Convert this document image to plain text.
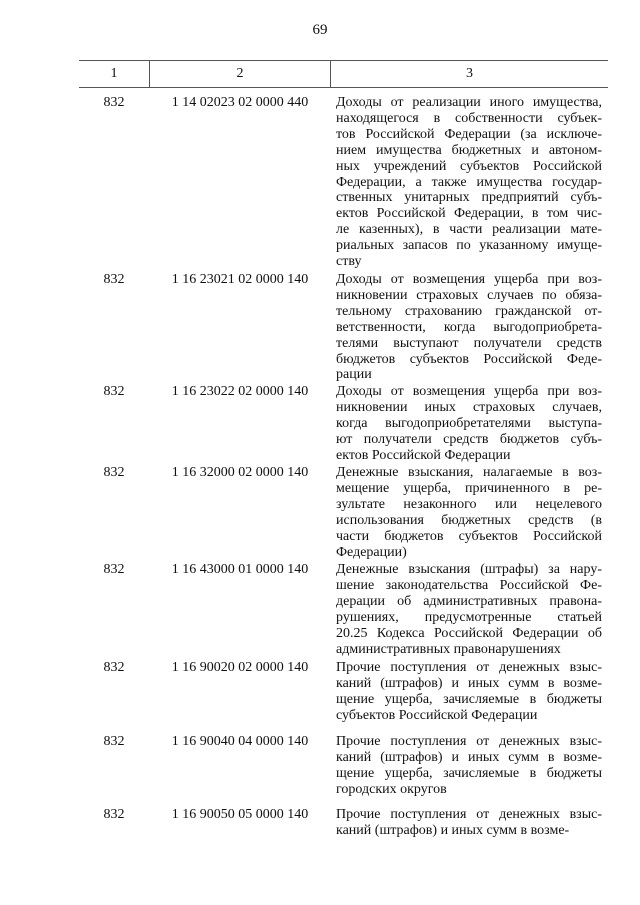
69
1	2	3
832	1 14 02023 02 0000 440	Доходы от реализации иного имущества,
находящегося в собственности субъек-
тов Российской Федерации (за исключе-
нием имущества бюджетных и автоном-
ных учреждений субъектов Российской
Федерации, а также имущества государ-
ственных унитарных предприятий субъ-
ектов Российской Федерации, в том чис-
ле казенных), в части реализации мате-
риальных запасов по указанному имуще-
ству
832	1 16 23021 02 0000 140	Доходы от возмещения ущерба при воз-
никновении страховых случаев по обяза-
тельному страхованию гражданской от-
ветственности, когда выгодоприобрета-
телями выступают получатели средств
бюджетов субъектов Российской Феде-
рации
832	1 16 23022 02 0000 140	Доходы от возмещения ущерба при воз-
никновении иных страховых случаев,
когда выгодоприобретателями выступа-
ют получатели средств бюджетов субъ-
ектов Российской Федерации
832	1 16 32000 02 0000 140	Денежные взыскания, налагаемые в воз-
мещение ущерба, причиненного в ре-
зультате незаконного или нецелевого
использования бюджетных средств (в
части бюджетов субъектов Российской
Федерации)
832	1 16 43000 01 0000 140	Денежные взыскания (штрафы) за нару-
шение законодательства Российской Фе-
дерации об административных правона-
рушениях, предусмотренные статьей
20.25 Кодекса Российской Федерации об
административных правонарушениях
832	1 16 90020 02 0000 140	Прочие поступления от денежных взыс-
каний (штрафов) и иных сумм в возме-
щение ущерба, зачисляемые в бюджеты
субъектов Российской Федерации
832	1 16 90040 04 0000 140	Прочие поступления от денежных взыс-
каний (штрафов) и иных сумм в возме-
щение ущерба, зачисляемые в бюджеты
городских округов
832	1 16 90050 05 0000 140	Прочие поступления от денежных взыс-
каний (штрафов) и иных сумм в возме-
